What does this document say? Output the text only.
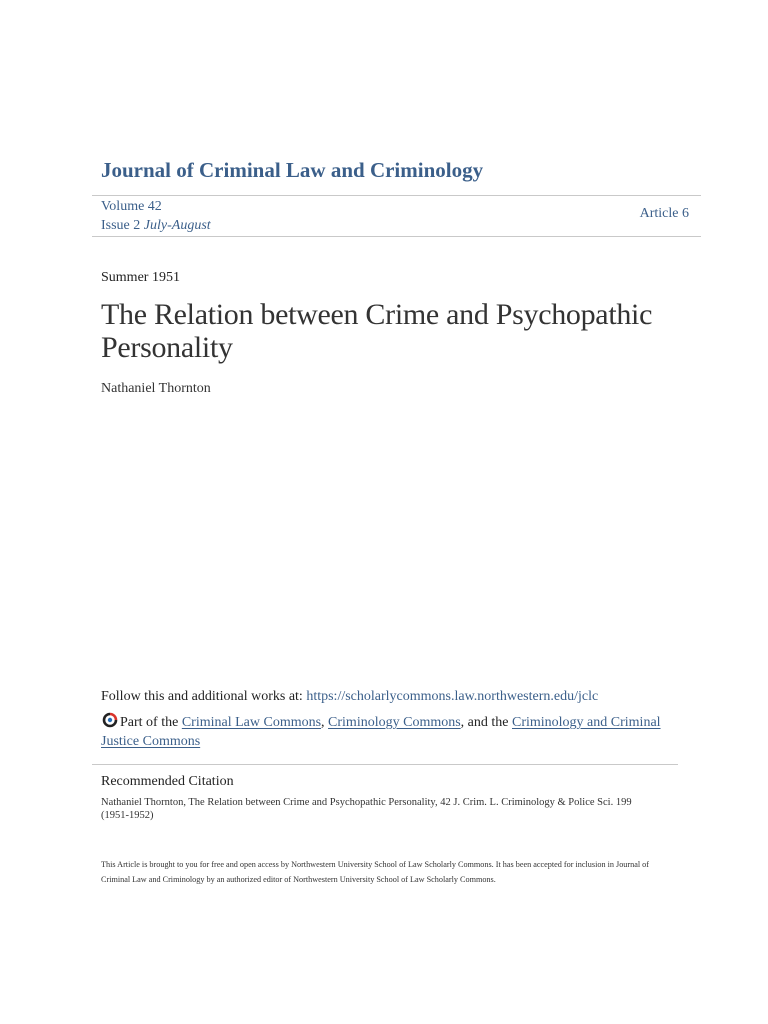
Journal of Criminal Law and Criminology
Volume 42
Issue 2 July-August
Article 6
Summer 1951
The Relation between Crime and Psychopathic Personality
Nathaniel Thornton
Follow this and additional works at: https://scholarlycommons.law.northwestern.edu/jclc
Part of the Criminal Law Commons, Criminology Commons, and the Criminology and Criminal Justice Commons
Recommended Citation
Nathaniel Thornton, The Relation between Crime and Psychopathic Personality, 42 J. Crim. L. Criminology & Police Sci. 199 (1951-1952)
This Article is brought to you for free and open access by Northwestern University School of Law Scholarly Commons. It has been accepted for inclusion in Journal of Criminal Law and Criminology by an authorized editor of Northwestern University School of Law Scholarly Commons.
